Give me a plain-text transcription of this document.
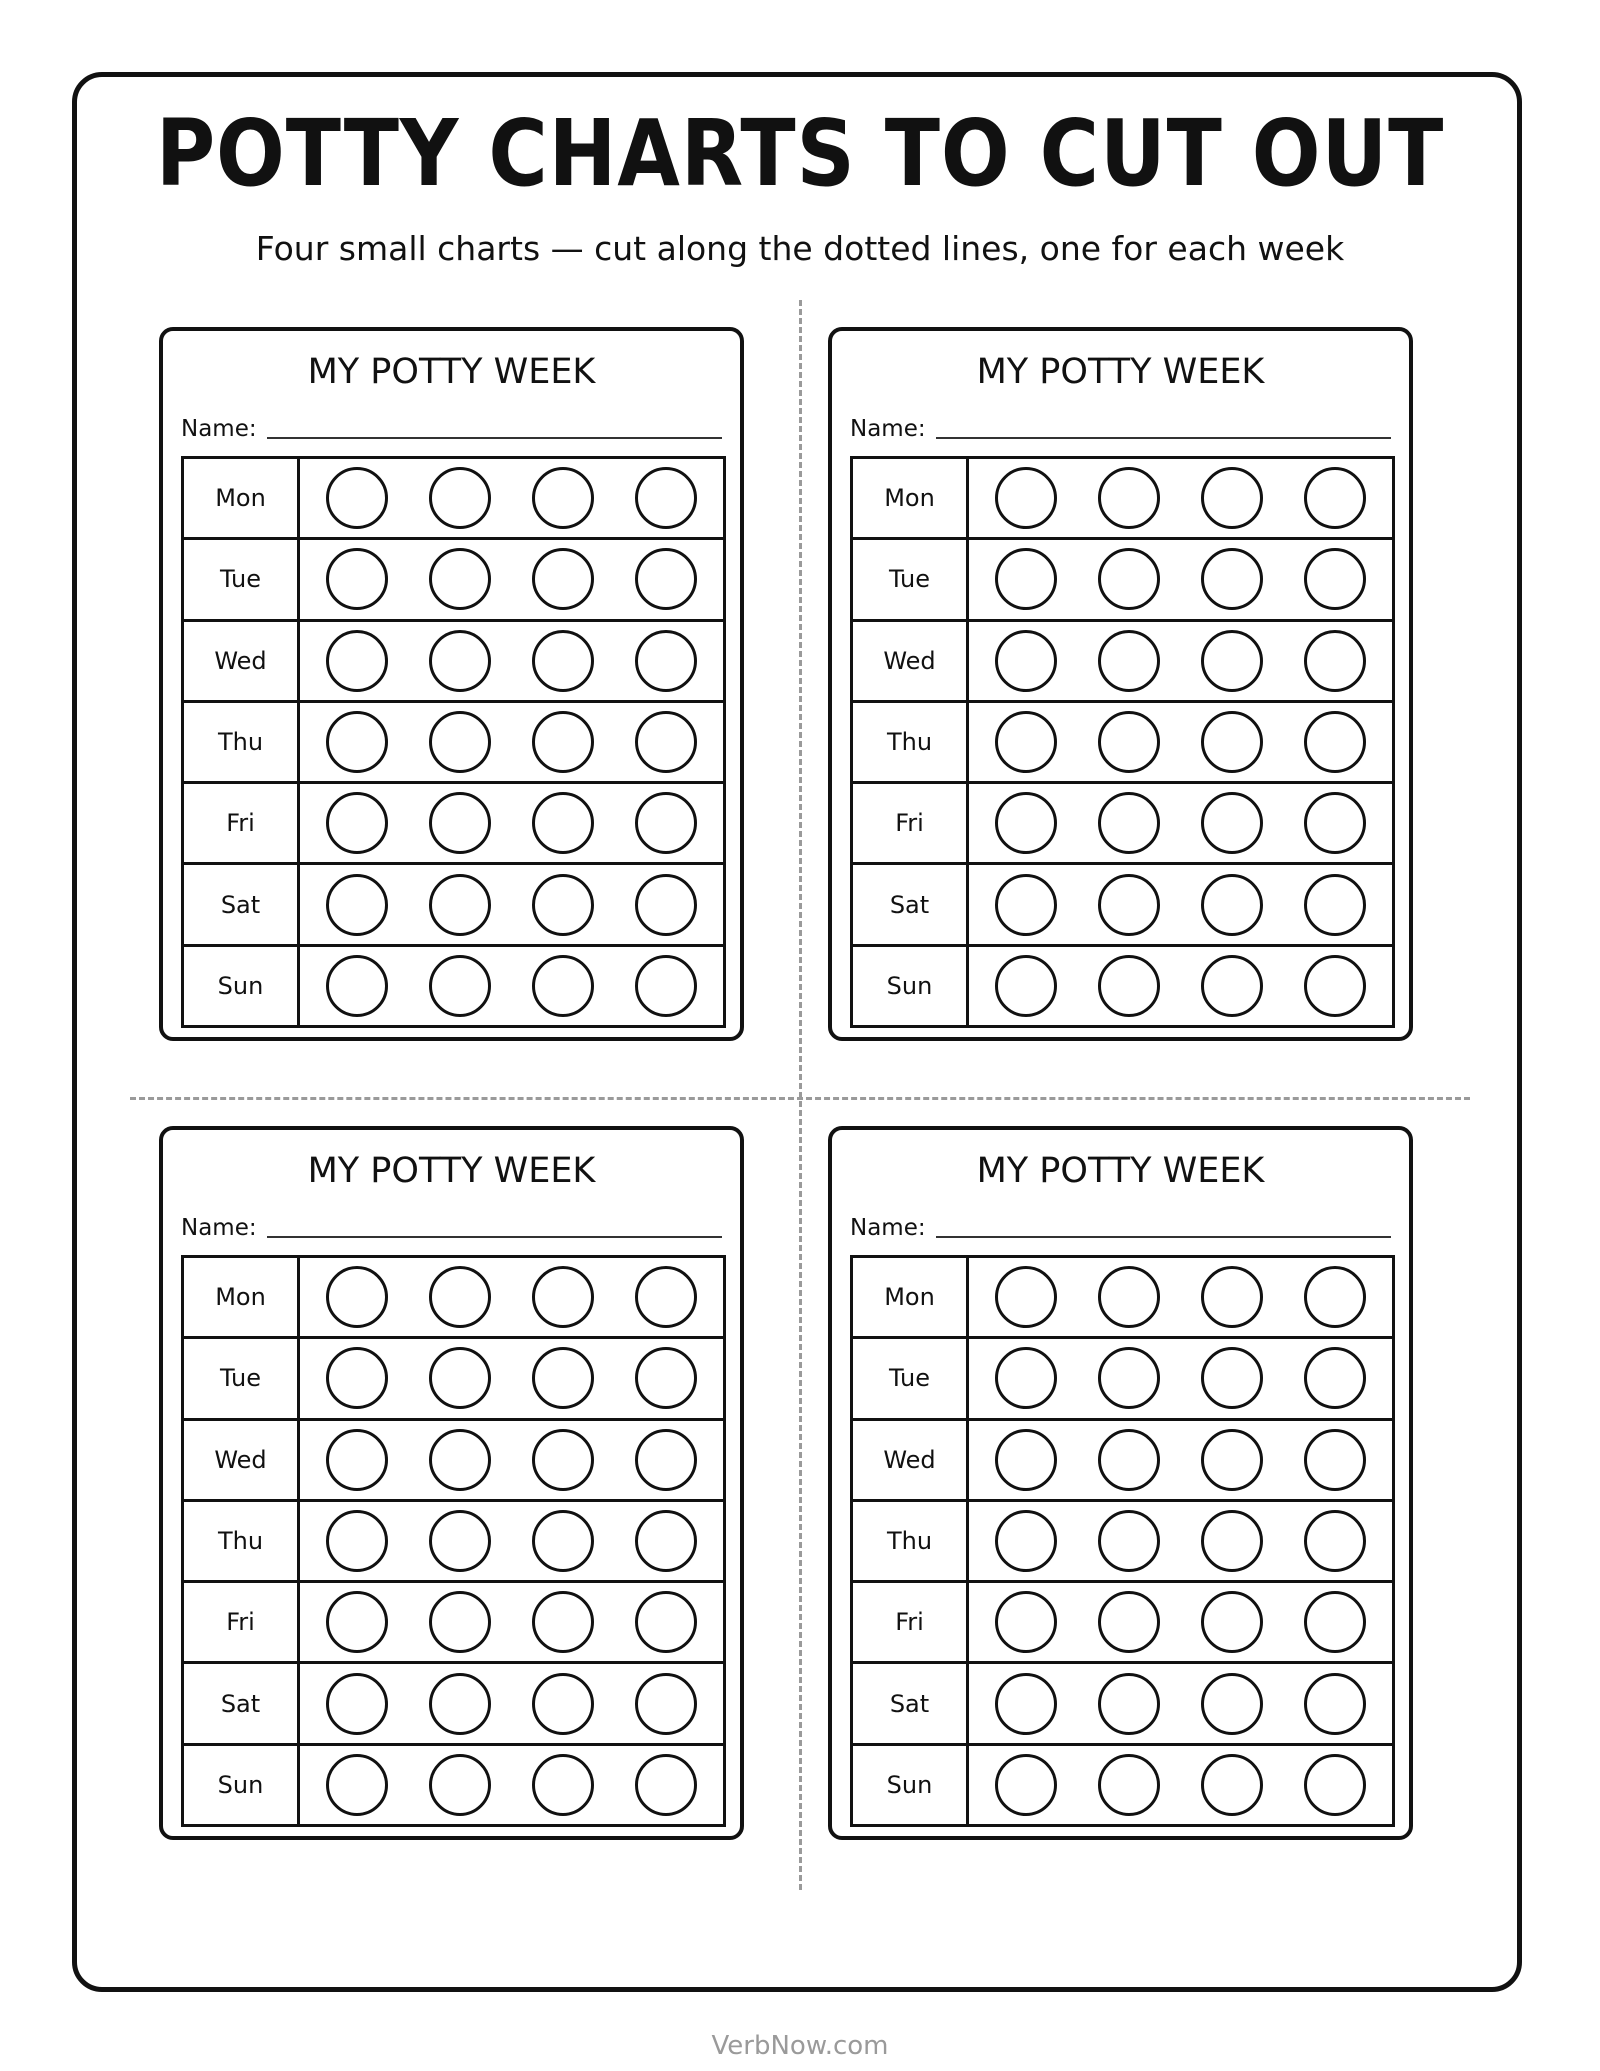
POTTY CHARTS TO CUT OUT
Four small charts — cut along the dotted lines, one for each week
MY POTTY WEEK
Name:
Mon
Tue
Wed
Thu
Fri
Sat
Sun
MY POTTY WEEK
Name:
Mon
Tue
Wed
Thu
Fri
Sat
Sun
MY POTTY WEEK
Name:
Mon
Tue
Wed
Thu
Fri
Sat
Sun
MY POTTY WEEK
Name:
Mon
Tue
Wed
Thu
Fri
Sat
Sun
VerbNow.com
